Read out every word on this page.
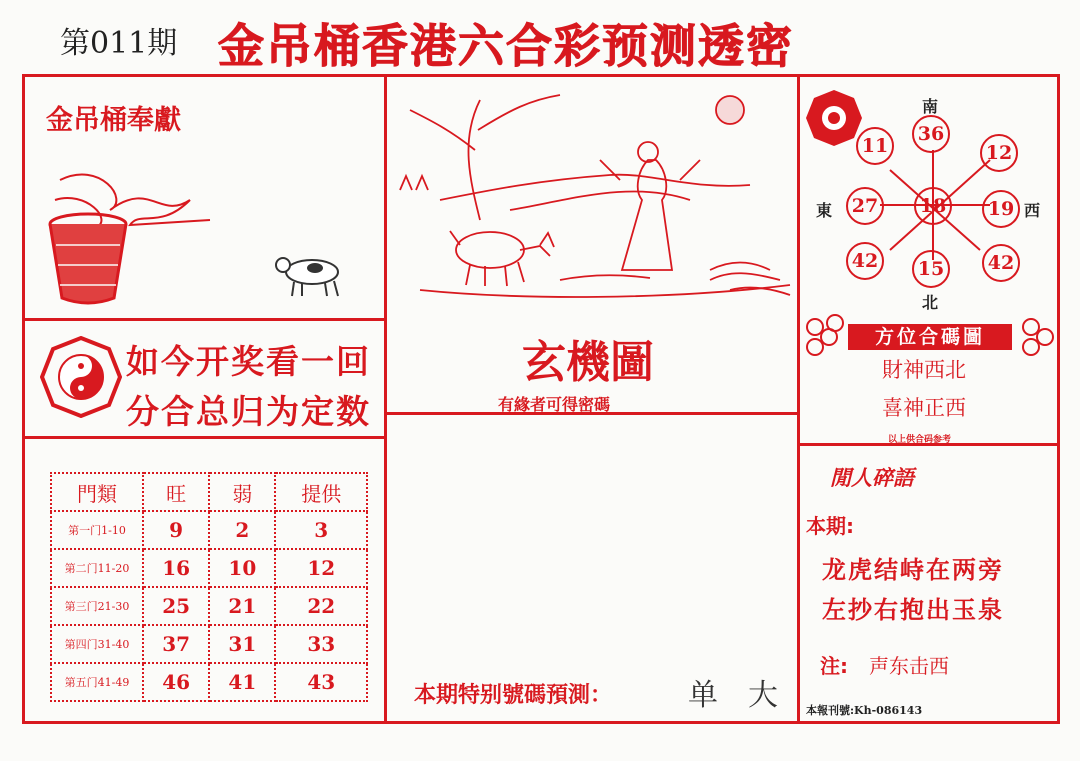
第011期 金吊桶香港六合彩预测透密
金吊桶奉獻
如今开奖看一回
分合总归为定数
門類	旺	弱	提供
第一门1-10	9	2	3
第二门11-20	16	10	12
第三门21-30	25	21	22
第四门31-40	37	31	33
第五门41-49	46	41	43
玄機圖
有緣者可得密碼
本期特别號碼預測：	单 大
南
北
東	西
36
11	12
27	18	19
42	15	42
方位合碼圖
財神西北
喜神正西
以上供合码参考
閒人碎語
本期:
龙虎结峙在两旁
左抄右抱出玉泉
注: 声东击西
本報刊號:Kh-086143
